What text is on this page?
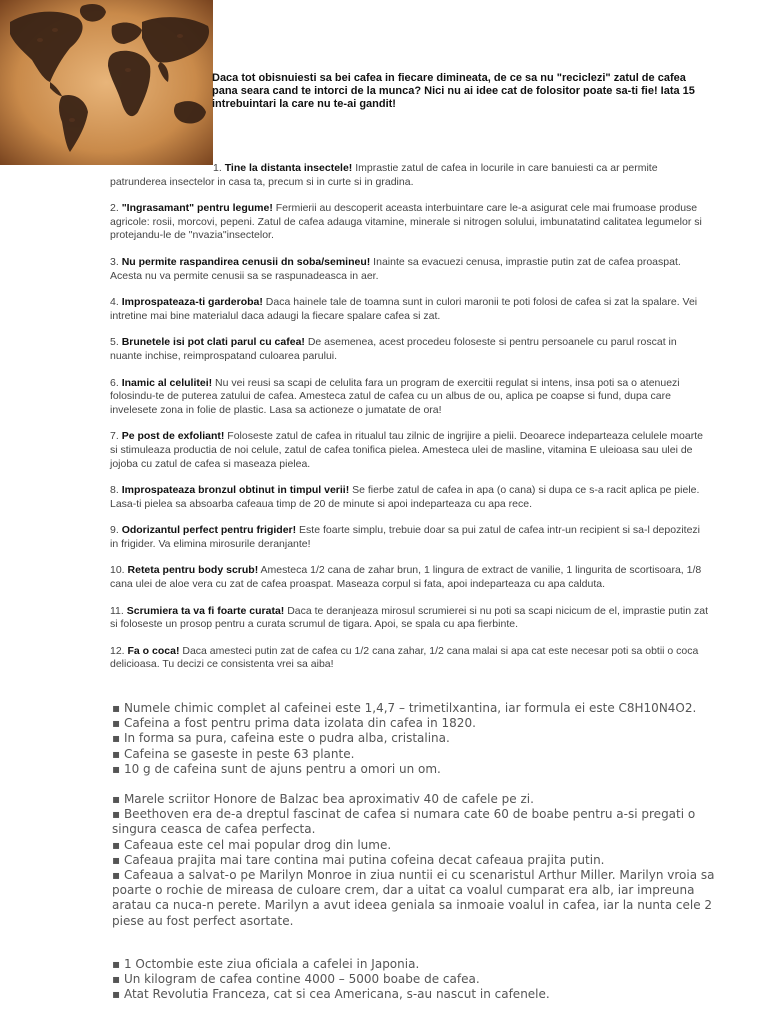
Daca tot obisnuiesti sa bei cafea in fiecare dimineata, de ce sa nu "reciclezi" zatul de cafea pana seara cand te intorci de la munca? Nici nu ai idee cat de folositor poate sa-ti fie! Iata 15 intrebuintari la care nu te-ai gandit!
1. Tine la distanta insectele! Imprastie zatul de cafea in locurile in care banuiesti ca ar permite patrunderea insectelor in casa ta, precum si in curte si in gradina.
2. "Ingrasamant" pentru legume! Fermierii au descoperit aceasta interbuintare care le-a asigurat cele mai frumoase produse agricole: rosii, morcovi, pepeni. Zatul de cafea adauga vitamine, minerale si nitrogen solului, imbunatatind calitatea legumelor si protejandu-le de "nvazia"insectelor.
3. Nu permite raspandirea cenusii dn soba/semineu! Inainte sa evacuezi cenusa, imprastie putin zat de cafea proaspat. Acesta nu va permite cenusii sa se raspunadeasca in aer.
4. Improspateaza-ti garderoba! Daca hainele tale de toamna sunt in culori maronii te poti folosi de cafea si zat la spalare. Vei intretine mai bine materialul daca adaugi la fiecare spalare cafea si zat.
5. Brunetele isi pot clati parul cu cafea! De asemenea, acest procedeu foloseste si pentru persoanele cu parul roscat in nuante inchise, reimprospatand culoarea parului.
6. Inamic al celulitei! Nu vei reusi sa scapi de celulita fara un program de exercitii regulat si intens, insa poti sa o atenuezi folosindu-te de puterea zatului de cafea. Amesteca zatul de cafea cu un albus de ou, aplica pe coapse si fund, dupa care invelesete zona in folie de plastic. Lasa sa actioneze o jumatate de ora!
7. Pe post de exfoliant! Foloseste zatul de cafea in ritualul tau zilnic de ingrijire a pielii. Deoarece indeparteaza celulele moarte si stimuleaza productia de noi celule, zatul de cafea tonifica pielea. Amesteca ulei de masline, vitamina E uleioasa sau ulei de jojoba cu zatul de cafea si maseaza pielea.
8. Improspateaza bronzul obtinut in timpul verii! Se fierbe zatul de cafea in apa (o cana) si dupa ce s-a racit aplica pe piele. Lasa-ti pielea sa absoarba cafeaua timp de 20 de minute si apoi indeparteaza cu apa rece.
9. Odorizantul perfect pentru frigider! Este foarte simplu, trebuie doar sa pui zatul de cafea intr-un recipient si sa-l depozitezi in frigider. Va elimina mirosurile deranjante!
10. Reteta pentru body scrub! Amesteca 1/2 cana de zahar brun, 1 lingura de extract de vanilie, 1 lingurita de scortisoara, 1/8 cana ulei de aloe vera cu zat de cafea proaspat. Maseaza corpul si fata, apoi indeparteaza cu apa calduta.
11. Scrumiera ta va fi foarte curata! Daca te deranjeaza mirosul scrumierei si nu poti sa scapi nicicum de el, imprastie putin zat si foloseste un prosop pentru a curata scrumul de tigara. Apoi, se spala cu apa fierbinte.
12. Fa o coca! Daca amesteci putin zat de cafea cu 1/2 cana zahar, 1/2 cana malai si apa cat este necesar poti sa obtii o coca delicioasa. Tu decizi ce consistenta vrei sa aiba!
▪ Numele chimic complet al cafeinei este 1,4,7 – trimetilxantina, iar formula ei este C8H10N4O2.
▪ Cafeina a fost pentru prima data izolata din cafea in 1820.
▪ In forma sa pura, cafeina este o pudra alba, cristalina.
▪ Cafeina se gaseste in peste 63 plante.
▪ 10 g de cafeina sunt de ajuns pentru a omori un om.
▪ Marele scriitor Honore de Balzac bea aproximativ 40 de cafele pe zi.
▪ Beethoven era de-a dreptul fascinat de cafea si numara cate 60 de boabe pentru a-si pregati o singura ceasca de cafea perfecta.
▪ Cafeaua este cel mai popular drog din lume.
▪ Cafeaua prajita mai tare contina mai putina cofeina decat cafeaua prajita putin.
▪ Cafeaua a salvat-o pe Marilyn Monroe in ziua nuntii ei cu scenaristul Arthur Miller. Marilyn vroia sa poarte o rochie de mireasa de culoare crem, dar a uitat ca voalul cumparat era alb, iar impreuna aratau ca nuca-n perete. Marilyn a avut ideea geniala sa inmoaie voalul in cafea, iar la nunta cele 2 piese au fost perfect asortate.
▪ 1 Octombie este ziua oficiala a cafelei in Japonia.
▪ Un kilogram de cafea contine 4000 – 5000 boabe de cafea.
▪ Atat Revolutia Franceza, cat si cea Americana, s-au nascut in cafenele.
